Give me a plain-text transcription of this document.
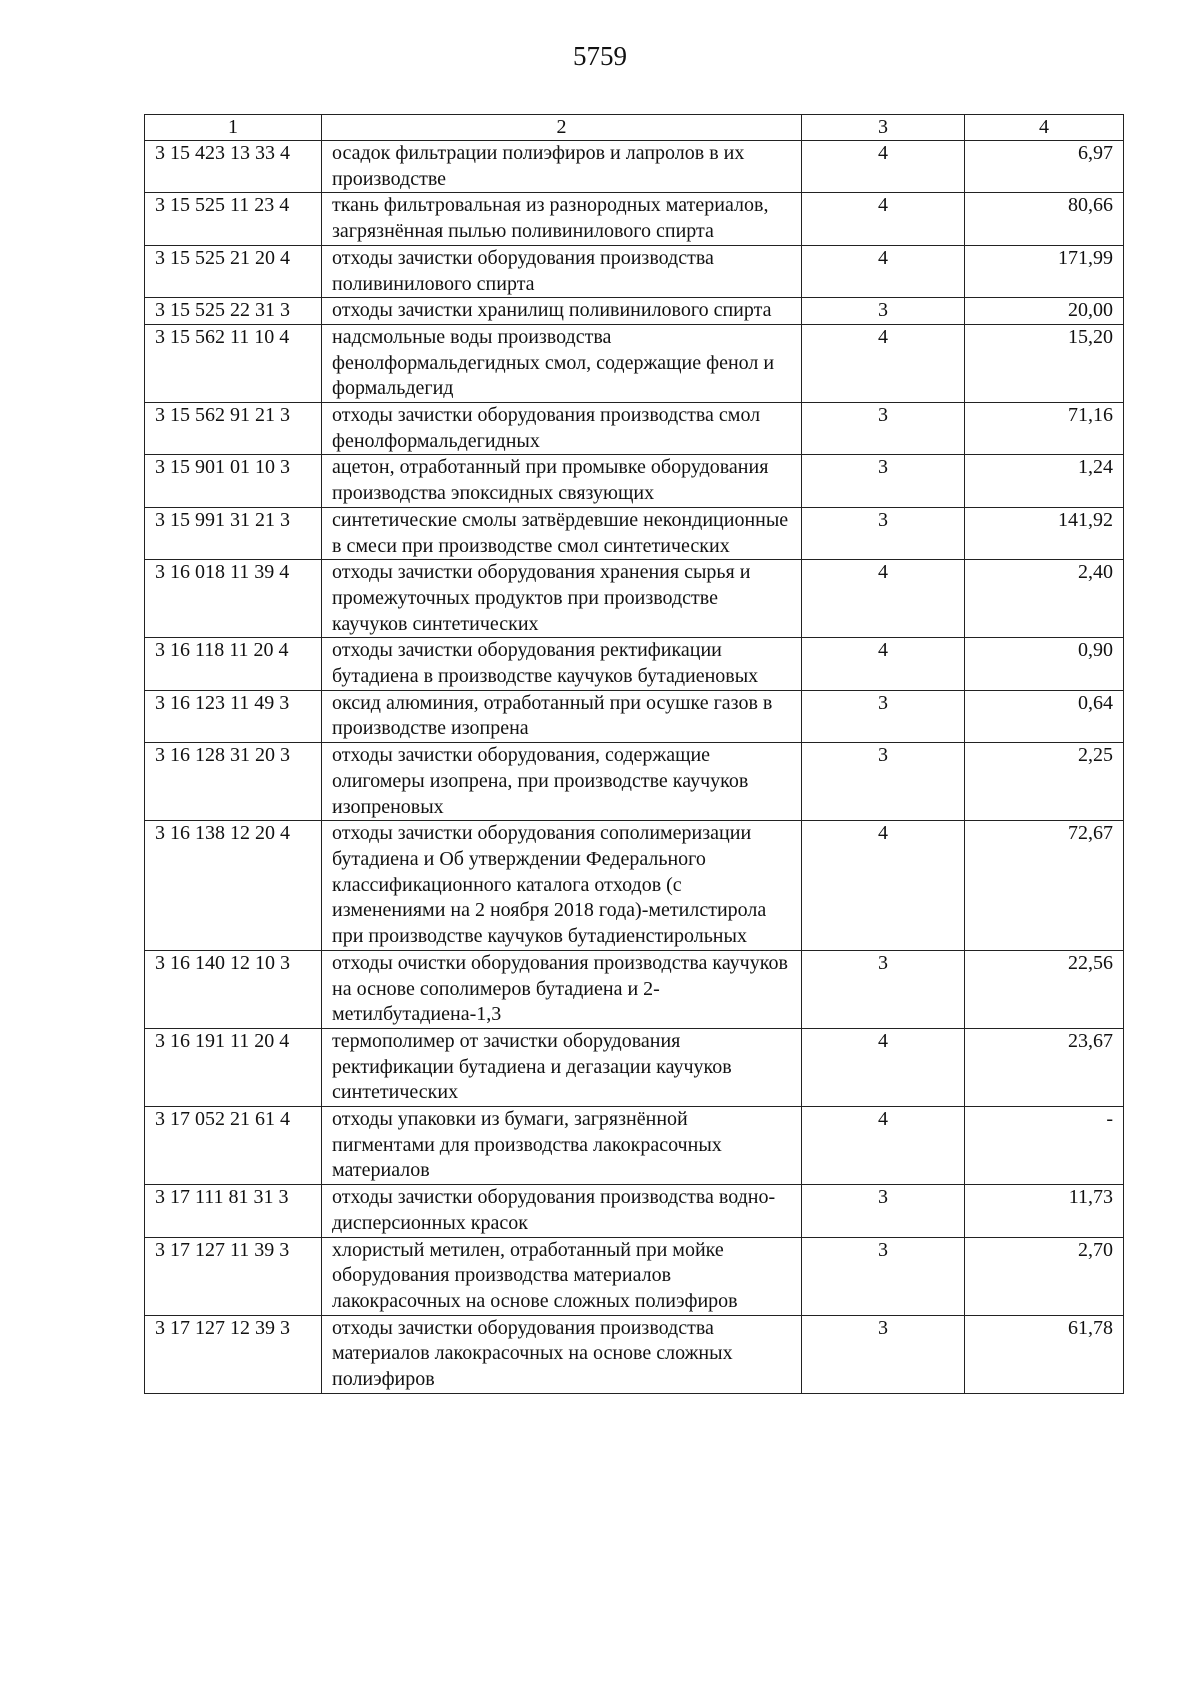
5759
1	2	3	4
3 15 423 13 33 4	осадок фильтрации полиэфиров и лапролов в их производстве	4	6,97
3 15 525 11 23 4	ткань фильтровальная из разнородных материалов, загрязнённая пылью поливинилового спирта	4	80,66
3 15 525 21 20 4	отходы зачистки оборудования производства поливинилового спирта	4	171,99
3 15 525 22 31 3	отходы зачистки хранилищ поливинилового спирта	3	20,00
3 15 562 11 10 4	надсмольные воды производства фенолформальдегидных смол, содержащие фенол и формальдегид	4	15,20
3 15 562 91 21 3	отходы зачистки оборудования производства смол фенолформальдегидных	3	71,16
3 15 901 01 10 3	ацетон, отработанный при промывке оборудования производства эпоксидных связующих	3	1,24
3 15 991 31 21 3	синтетические смолы затвёрдевшие некондиционные в смеси при производстве смол синтетических	3	141,92
3 16 018 11 39 4	отходы зачистки оборудования хранения сырья и промежуточных продуктов при производстве каучуков синтетических	4	2,40
3 16 118 11 20 4	отходы зачистки оборудования ректификации бутадиена в производстве каучуков бутадиеновых	4	0,90
3 16 123 11 49 3	оксид алюминия, отработанный при осушке газов в производстве изопрена	3	0,64
3 16 128 31 20 3	отходы зачистки оборудования, содержащие олигомеры изопрена, при производстве каучуков изопреновых	3	2,25
3 16 138 12 20 4	отходы зачистки оборудования сополимеризации бутадиена и Об утверждении Федерального классификационного каталога отходов (с изменениями на 2 ноября 2018 года)-метилстирола при производстве каучуков бутадиенстирольных	4	72,67
3 16 140 12 10 3	отходы очистки оборудования производства каучуков на основе сополимеров бутадиена и 2-метилбутадиена-1,3	3	22,56
3 16 191 11 20 4	термополимер от зачистки оборудования ректификации бутадиена и дегазации каучуков синтетических	4	23,67
3 17 052 21 61 4	отходы упаковки из бумаги, загрязнённой пигментами для производства лакокрасочных материалов	4	-
3 17 111 81 31 3	отходы зачистки оборудования производства водно-дисперсионных красок	3	11,73
3 17 127 11 39 3	хлористый метилен, отработанный при мойке оборудования производства материалов лакокрасочных на основе сложных полиэфиров	3	2,70
3 17 127 12 39 3	отходы зачистки оборудования производства материалов лакокрасочных на основе сложных полиэфиров	3	61,78
